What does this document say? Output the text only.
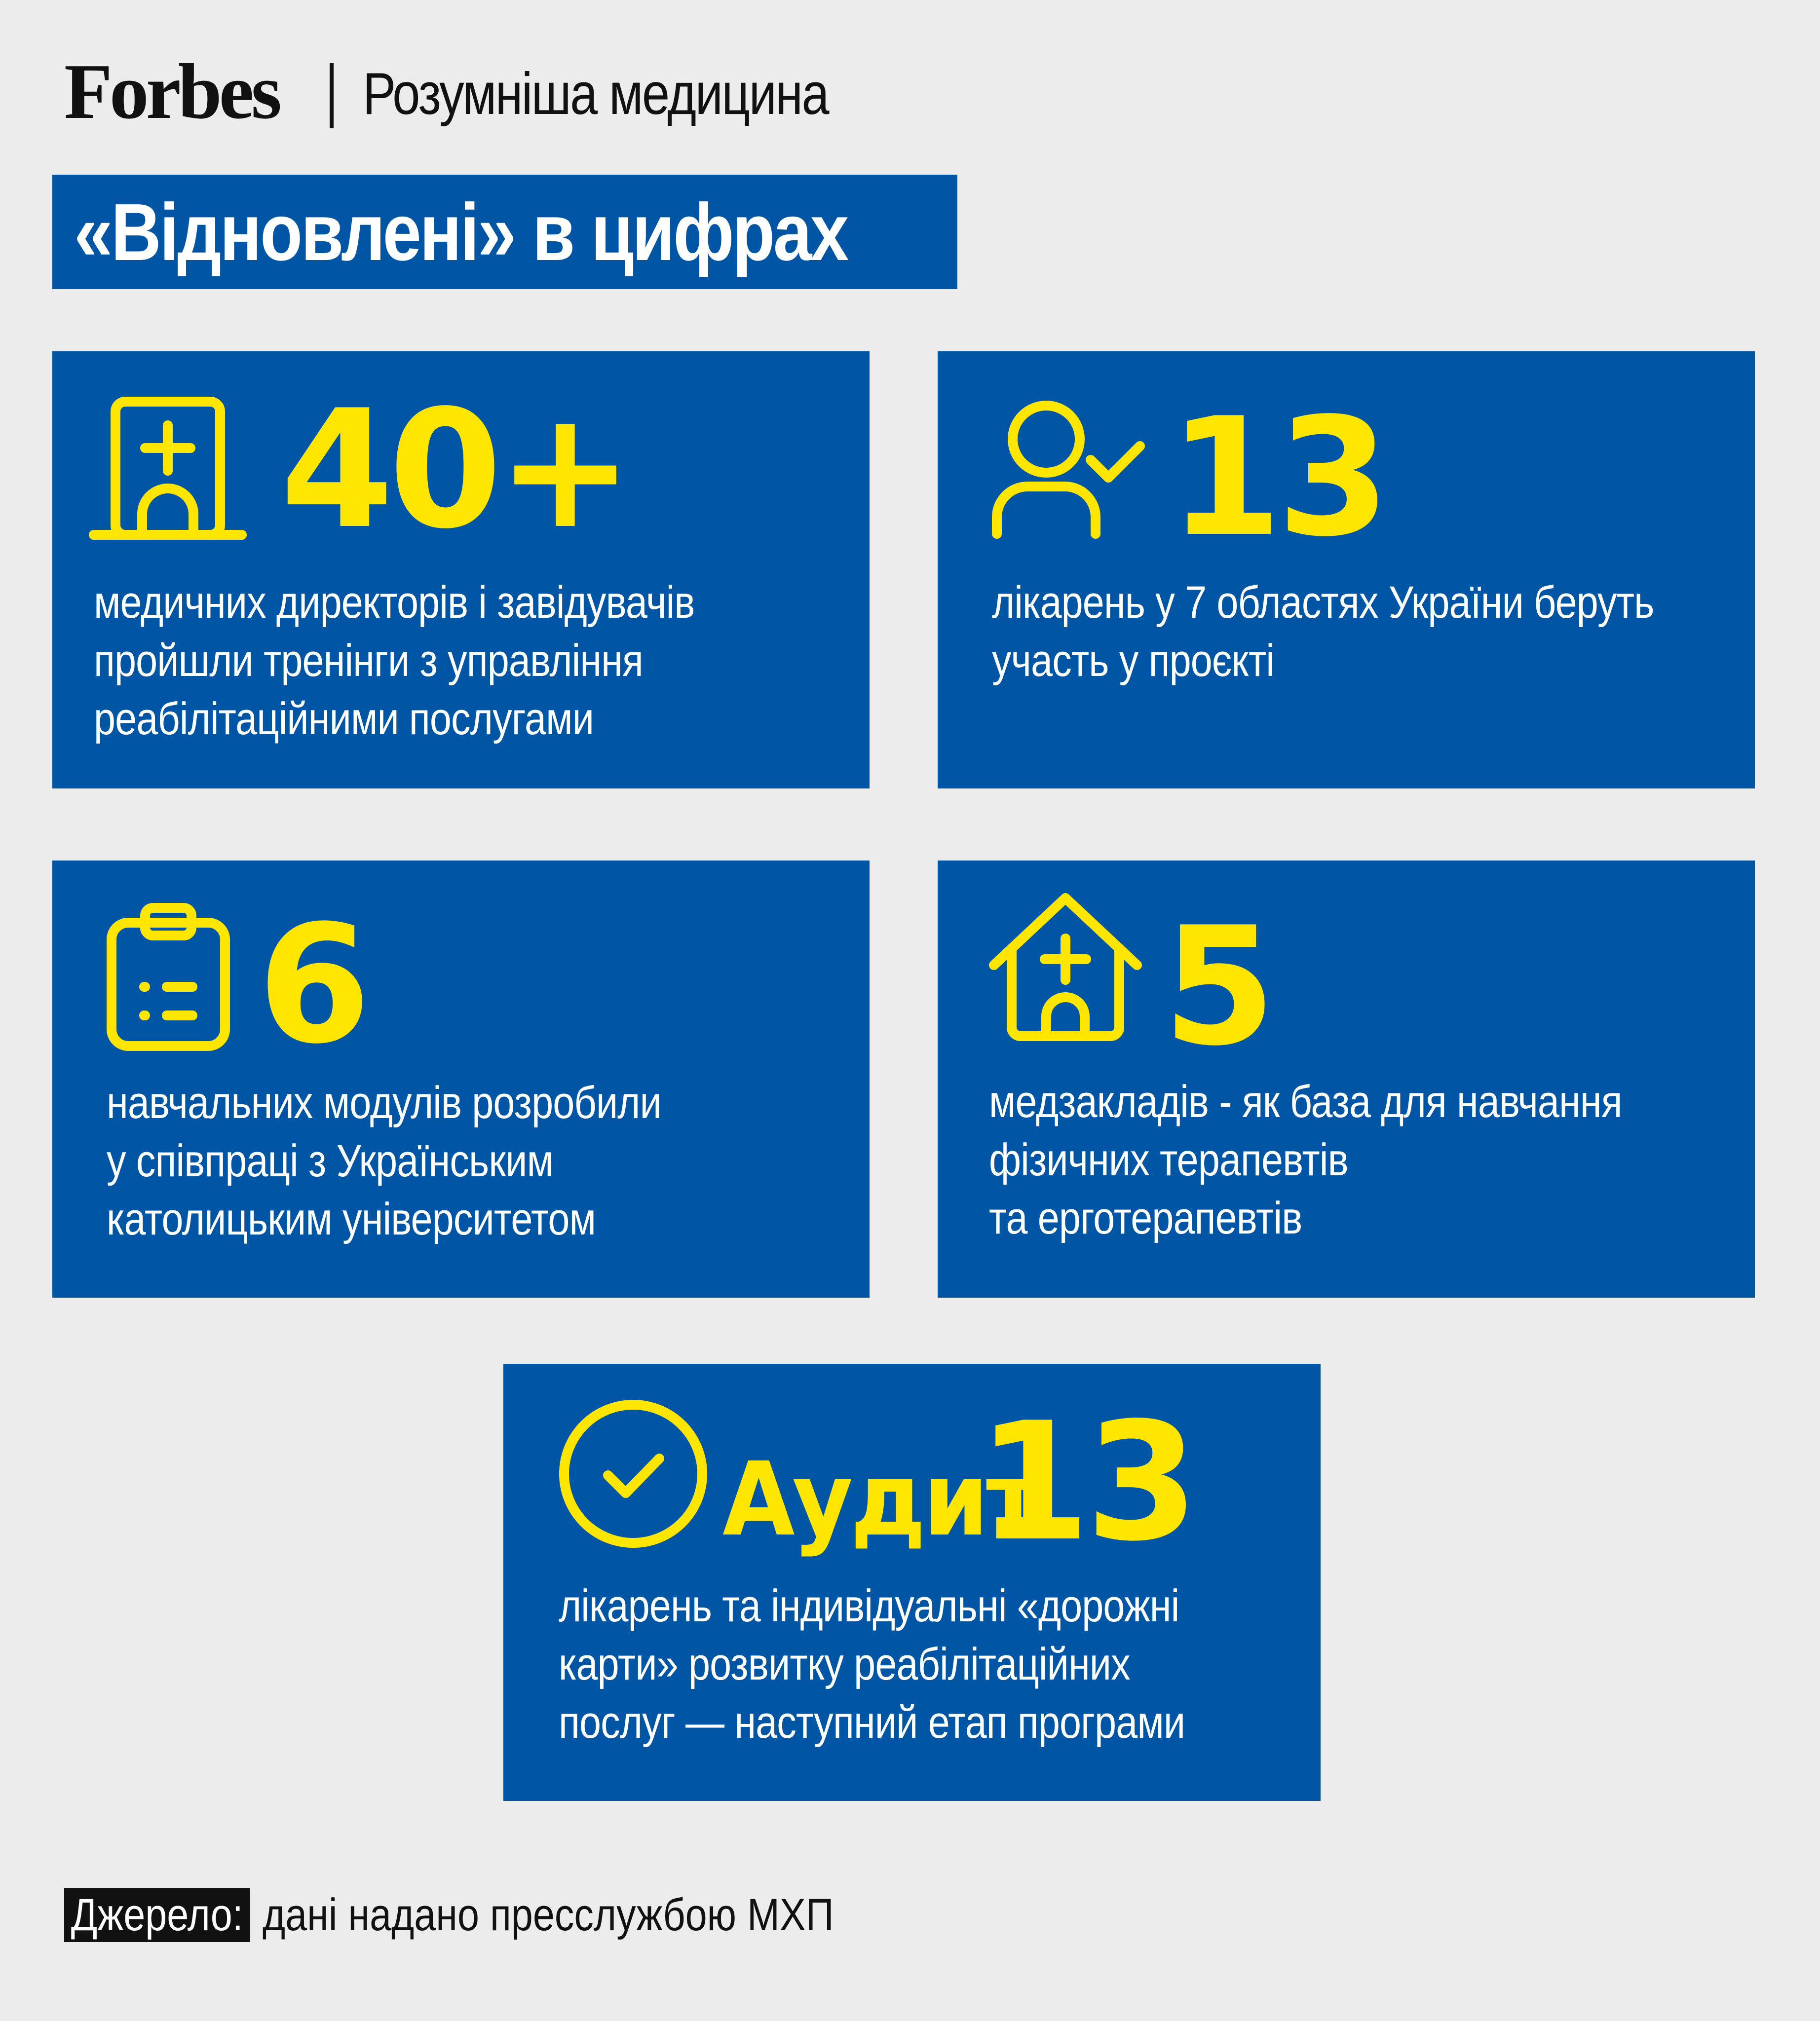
Forbes Розумніша медицина
«Відновлені» в цифрах
40+
медичних директорів і завідувачів
пройшли тренінги з управління
реабілітаційними послугами
13
лікарень у 7 областях України беруть
участь у проєкті
6
навчальних модулів розробили
у співпраці з Українським
католицьким університетом
5
медзакладів - як база для навчання
фізичних терапевтів
та ерготерапевтів
Аудит
13
лікарень та індивідуальні «дорожні
карти» розвитку реабілітаційних
послуг — наступний етап програми
Джерело: дані надано пресслужбою МХП
